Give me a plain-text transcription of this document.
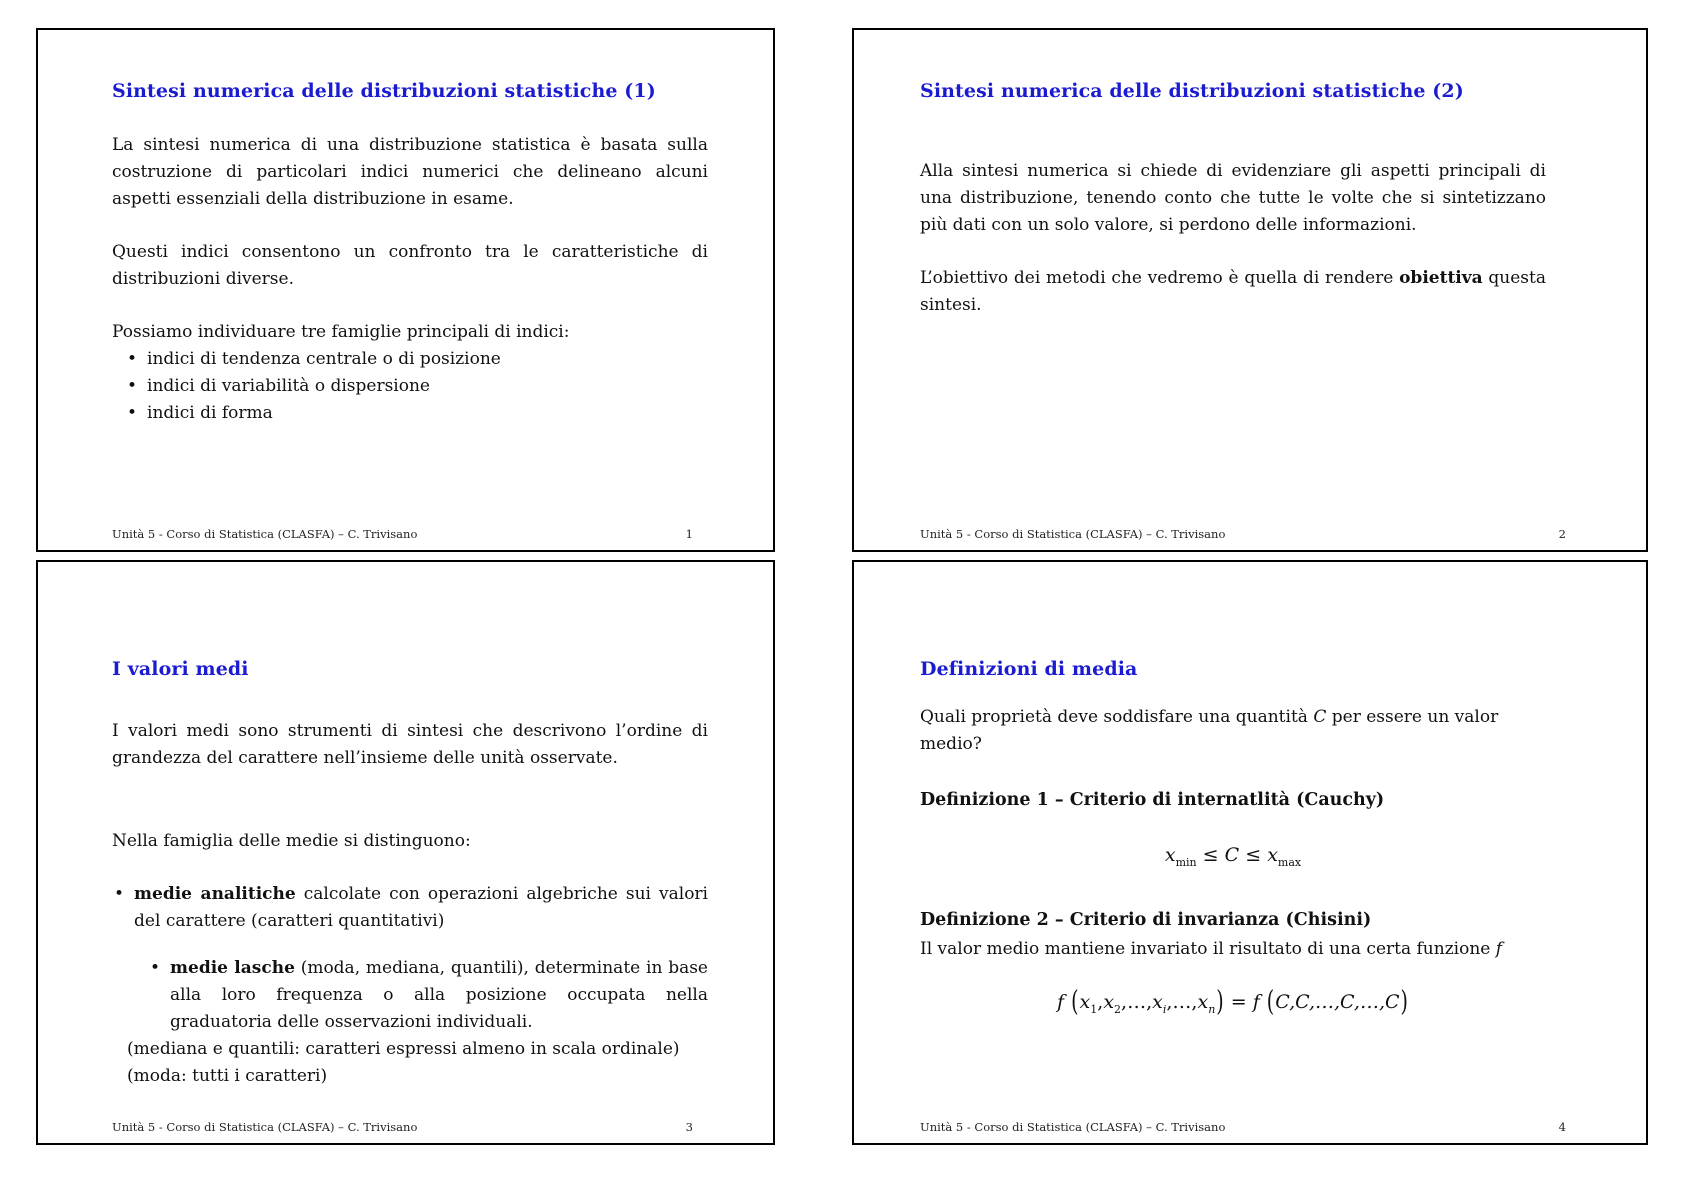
Sintesi numerica delle distribuzioni statistiche (1)

La sintesi numerica di una distribuzione statistica è basata sulla costruzione di particolari indici numerici che delineano alcuni aspetti essenziali della distribuzione in esame.

Questi indici consentono un confronto tra le caratteristiche di distribuzioni diverse.

Possiamo individuare tre famiglie principali di indici:

• indici di tendenza centrale o di posizione
• indici di variabilità o dispersione
• indici di forma
Unità 5 - Corso di Statistica (CLASFA) – C. Trivisano	1
Sintesi numerica delle distribuzioni statistiche (2)

Alla sintesi numerica si chiede di evidenziare gli aspetti principali di una distribuzione, tenendo conto che tutte le volte che si sintetizzano più dati con un solo valore, si perdono delle informazioni.

L’obiettivo dei metodi che vedremo è quella di rendere obiettiva questa sintesi.

Unità 5 - Corso di Statistica (CLASFA) – C. Trivisano	2
I valori medi

I valori medi sono strumenti di sintesi che descrivono l’ordine di grandezza del carattere nell’insieme delle unità osservate.

Nella famiglia delle medie si distinguono:

• medie analitiche calcolate con operazioni algebriche sui valori del carattere (caratteri quantitativi)
• medie lasche (moda, mediana, quantili), determinate in base alla loro frequenza o alla posizione occupata nella graduatoria delle osservazioni individuali.
(mediana e quantili: caratteri espressi almeno in scala ordinale)
(moda: tutti i caratteri)
Unità 5 - Corso di Statistica (CLASFA) – C. Trivisano	3
Definizioni di media

Quali proprietà deve soddisfare una quantità C per essere un valor medio?

Definizione 1 – Criterio di internatlità (Cauchy)
$x_{min} \le C \le x_{max}$
Definizione 2 – Criterio di invarianza (Chisini)

Il valor medio mantiene invariato il risultato di una certa funzione f

f $(x_1,x_2,\dots,x_i,\dots,x_n) = f$ (C,C,…,C,…,C)
Unità 5 - Corso di Statistica (CLASFA) – C. Trivisano	4
